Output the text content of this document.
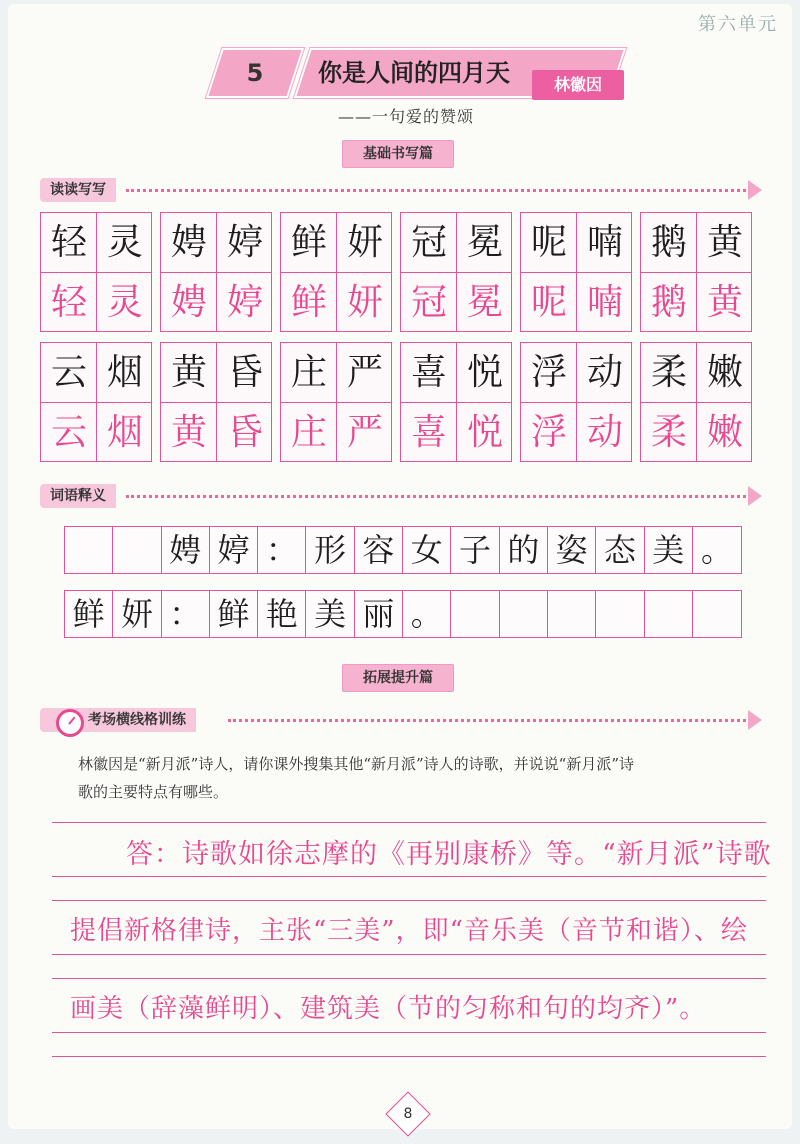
第六单元
5	你是人间的四月天	林徽因
——一句爱的赞颂
基础书写篇
读读写写
轻
轻
灵
灵
娉
娉
婷
婷
鲜
鲜
妍
妍
冠
冠
冕
冕
呢
呢
喃
喃
鹅
鹅
黄
黄
云
云
烟
烟
黄
黄
昏
昏
庄
庄
严
严
喜
喜
悦
悦
浮
浮
动
动
柔
柔
嫩
嫩
词语释义
娉 婷 ： 形 容 女 子 的 姿 态 美 。
鲜 妍 ： 鲜 艳 美 丽 。
拓展提升篇
考场横线格训练
林徽因是“新月派”诗人，请你课外搜集其他“新月派”诗人的诗歌，并说说“新月派”诗
歌的主要特点有哪些。
答：诗歌如徐志摩的《再别康桥》等。“新月派”诗歌
提倡新格律诗，主张“三美”，即“音乐美（音节和谐）、绘
画美（辞藻鲜明）、建筑美（节的匀称和句的均齐）”。
8
